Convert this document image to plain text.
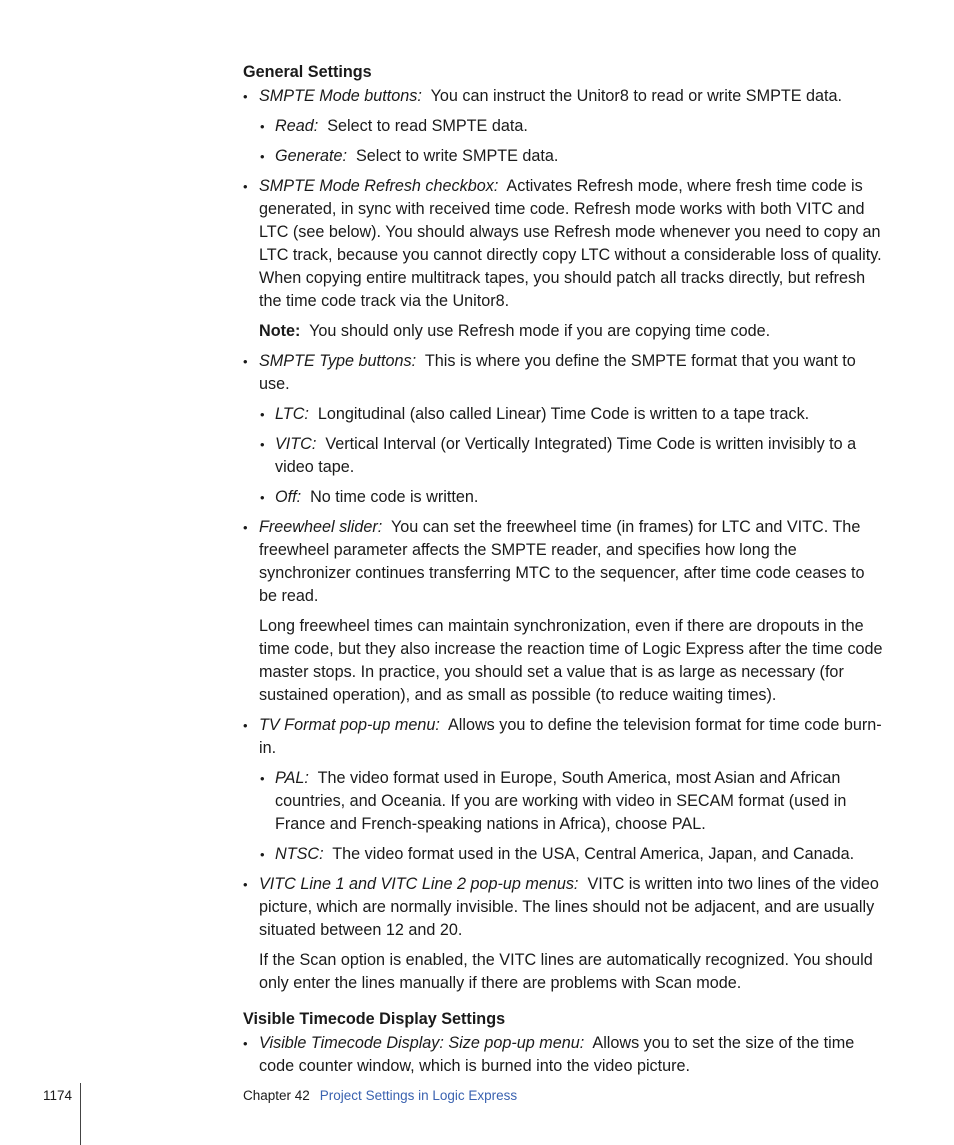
General Settings
• SMPTE Mode buttons: You can instruct the Unitor8 to read or write SMPTE data.
• Read: Select to read SMPTE data.
• Generate: Select to write SMPTE data.
• SMPTE Mode Refresh checkbox: Activates Refresh mode, where fresh time code is generated, in sync with received time code. Refresh mode works with both VITC and LTC (see below). You should always use Refresh mode whenever you need to copy an LTC track, because you cannot directly copy LTC without a considerable loss of quality. When copying entire multitrack tapes, you should patch all tracks directly, but refresh the time code track via the Unitor8.
Note: You should only use Refresh mode if you are copying time code.
• SMPTE Type buttons: This is where you define the SMPTE format that you want to use.
• LTC: Longitudinal (also called Linear) Time Code is written to a tape track.
• VITC: Vertical Interval (or Vertically Integrated) Time Code is written invisibly to a video tape.
• Off: No time code is written.
• Freewheel slider: You can set the freewheel time (in frames) for LTC and VITC. The freewheel parameter affects the SMPTE reader, and specifies how long the synchronizer continues transferring MTC to the sequencer, after time code ceases to be read.
Long freewheel times can maintain synchronization, even if there are dropouts in the time code, but they also increase the reaction time of Logic Express after the time code master stops. In practice, you should set a value that is as large as necessary (for sustained operation), and as small as possible (to reduce waiting times).
• TV Format pop-up menu: Allows you to define the television format for time code burn-in.
• PAL: The video format used in Europe, South America, most Asian and African countries, and Oceania. If you are working with video in SECAM format (used in France and French-speaking nations in Africa), choose PAL.
• NTSC: The video format used in the USA, Central America, Japan, and Canada.
• VITC Line 1 and VITC Line 2 pop-up menus: VITC is written into two lines of the video picture, which are normally invisible. The lines should not be adjacent, and are usually situated between 12 and 20.
If the Scan option is enabled, the VITC lines are automatically recognized. You should only enter the lines manually if there are problems with Scan mode.
Visible Timecode Display Settings
• Visible Timecode Display: Size pop-up menu: Allows you to set the size of the time code counter window, which is burned into the video picture.
1174	Chapter 42 Project Settings in Logic Express
